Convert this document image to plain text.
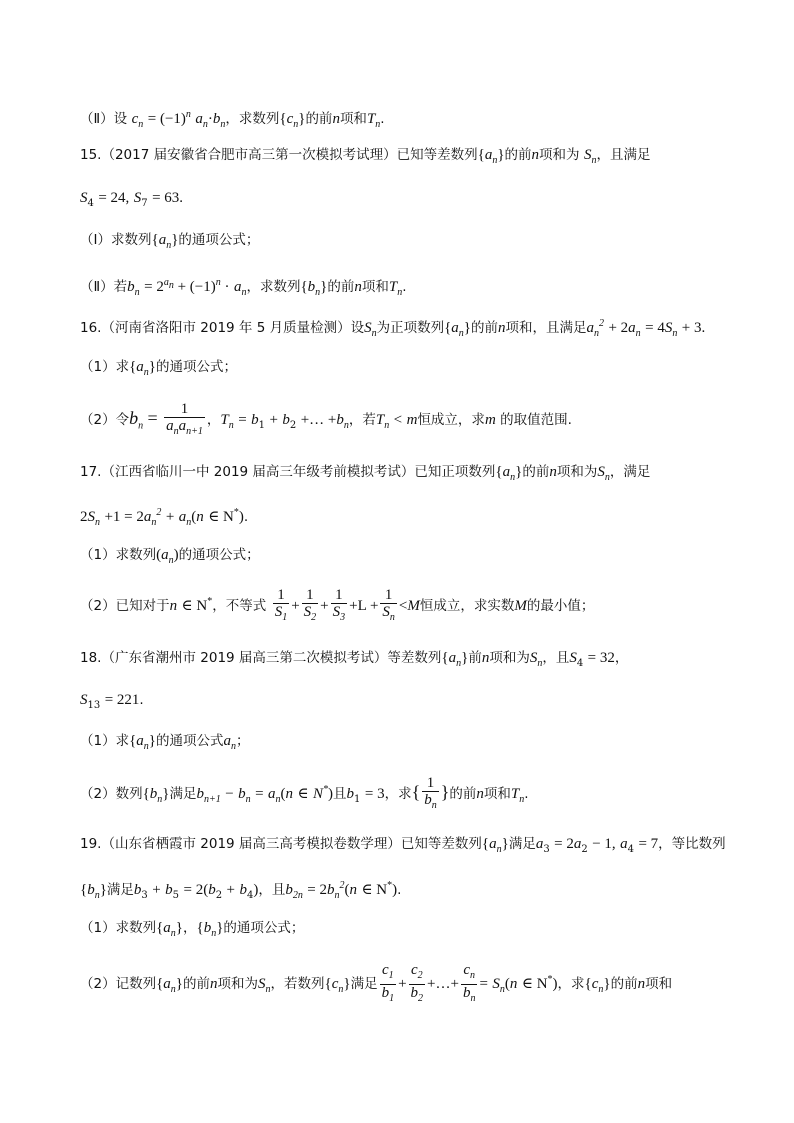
（Ⅱ）设 $c_n = (-1)^n$ $a_n\cdot b_n$，求数列$\{c_n\}$的前n项和$T_n$.
15.（2017 届安徽省合肥市高三第一次模拟考试理）已知等差数列$\{a_n\}$的前n项和为 $S_n$，且满足
$S_4 = 24$, $S_7 = 63$.
（Ⅰ）求数列$\{a_n\}$的通项公式；
（Ⅱ）若$b_n = 2^{a_n} + (-1)^n \cdot a_n$，求数列$\{b_n\}$的前n项和$T_n$.
16.（河南省洛阳市 2019 年 5 月质量检测）设$S_n$为正项数列$\{a_n\}$的前n项和，且满足$a_n^2 + 2a_n = 4S_n + 3$.
（1）求$\{a_n\}$的通项公式；
（2）令$b_n = \frac{1}{a_na_{n+1}}$ ，$T_n = b_1 + b_2$ +… $+b_n$，若$T_n < m$恒成立，求m 的取值范围.
17.（江西省临川一中 2019 届高三年级考前模拟考试）已知正项数列$\{a_n\}$的前n项和为$S_n$，满足
$2S_n +1 = 2a_n^2 + a_n(n$ ∈ N*).
（1）求数列$(a_n)$的通项公式；
（2）已知对于n ∈ N*，不等式 $\frac{1}{S_1} + \frac{1}{S_2} + \frac{1}{S_3} +L + \frac{1}{S_n} <M$恒成立，求实数M的最小值；
18.（广东省潮州市 2019 届高三第二次模拟考试）等差数列$\{a_n\}$前n项和为$S_n$，且$S_4 = 32$，
$S_{13} = 221$.
（1）求$\{a_n\}$的通项公式$a_n$；
（2）数列$\{b_n\}$满足$b_{n+1} - b_n = a_n(n$ ∈ N*)且$b_1 = 3$，求{ $\frac{1}{b_n}$ }的前n项和$T_n$.
19.（山东省栖霞市 2019 届高三高考模拟卷数学理）已知等差数列$\{a_n\}$满足$a_3 = 2a_2 - 1$, $a_4 = 7$，等比数列
$\{b_n\}$满足$b_3 + b_5 = 2(b_2 + b_4)$，且$b_{2n} = 2b_n^2(n$ ∈ N*).
（1）求数列$\{a_n\}$，$\{b_n\}$的通项公式；
（2）记数列$\{a_n\}$的前n项和为$S_n$，若数列$\{c_n\}$满足 $\frac{c_1}{b_1} + \frac{c_2}{b_2}$ +…+ $\frac{c_n}{b_n} = S_n(n$ ∈ N*)，求$\{c_n\}$的前n项和
